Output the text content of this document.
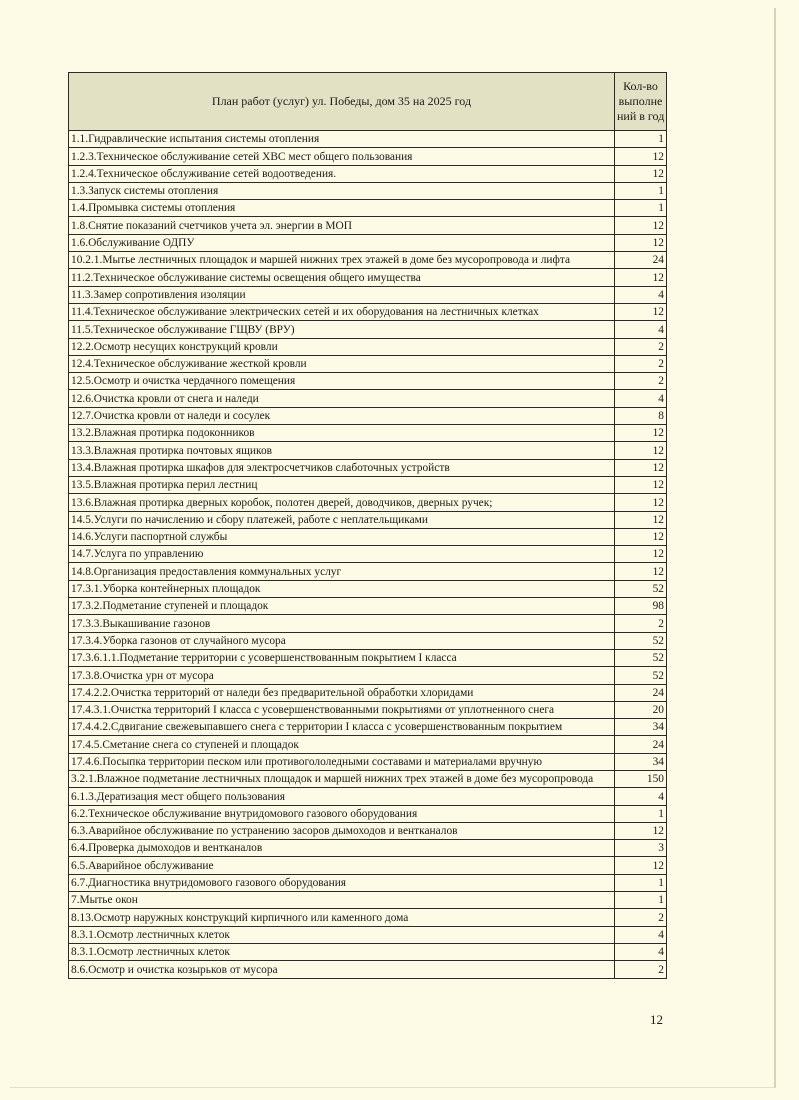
План работ (услуг) ул. Победы, дом 35 на 2025 год	Кол-во
выполне
ний в год
1.1.Гидравлические испытания системы отопления	1
1.2.3.Техническое обслуживание сетей ХВС мест общего пользования	12
1.2.4.Техническое обслуживание сетей водоотведения.	12
1.3.Запуск системы отопления	1
1.4.Промывка системы отопления	1
1.8.Снятие показаний счетчиков учета эл. энергии в МОП	12
1.6.Обслуживание ОДПУ	12
10.2.1.Мытье лестничных площадок и маршей нижних трех этажей в доме без мусоропровода и лифта	24
11.2.Техническое обслуживание системы освещения общего имущества	12
11.3.Замер сопротивления изоляции	4
11.4.Техническое обслуживание электрических сетей и их оборудования на лестничных клетках	12
11.5.Техническое обслуживание ГЩВУ (ВРУ)	4
12.2.Осмотр несущих конструкций кровли	2
12.4.Техническое обслуживание жесткой кровли	2
12.5.Осмотр и очистка чердачного помещения	2
12.6.Очистка кровли от снега и наледи	4
12.7.Очистка кровли от наледи и сосулек	8
13.2.Влажная протирка подоконников	12
13.3.Влажная протирка почтовых ящиков	12
13.4.Влажная протирка шкафов для электросчетчиков слаботочных устройств	12
13.5.Влажная протирка перил лестниц	12
13.6.Влажная протирка дверных коробок, полотен дверей, доводчиков, дверных ручек;	12
14.5.Услуги по начислению и сбору платежей, работе с неплательщиками	12
14.6.Услуги паспортной службы	12
14.7.Услуга по управлению	12
14.8.Организация предоставления коммунальных услуг	12
17.3.1.Уборка контейнерных площадок	52
17.3.2.Подметание ступеней и площадок	98
17.3.3.Выкашивание газонов	2
17.3.4.Уборка газонов от случайного мусора	52
17.3.6.1.1.Подметание территории с усовершенствованным покрытием I класса	52
17.3.8.Очистка урн от мусора	52
17.4.2.2.Очистка территорий от наледи без предварительной обработки хлоридами	24
17.4.3.1.Очистка территорий I класса с усовершенствованными покрытиями от уплотненного снега	20
17.4.4.2.Сдвигание свежевыпавшего снега с территории I класса с усовершенствованным покрытием	34
17.4.5.Сметание снега со ступеней и площадок	24
17.4.6.Посыпка территории песком или противогололедными составами и материалами вручную	34
3.2.1.Влажное подметание лестничных площадок и маршей нижних трех этажей в доме без мусоропровода	150
6.1.3.Дератизация мест общего пользования	4
6.2.Техническое обслуживание внутридомового газового оборудования	1
6.3.Аварийное обслуживание по устранению засоров дымоходов и вентканалов	12
6.4.Проверка дымоходов и вентканалов	3
6.5.Аварийное обслуживание	12
6.7.Диагностика внутридомового газового оборудования	1
7.Мытье окон	1
8.13.Осмотр наружных конструкций кирпичного или каменного дома	2
8.3.1.Осмотр лестничных клеток	4
8.3.1.Осмотр лестничных клеток	4
8.6.Осмотр и очистка козырьков от мусора	2
12
